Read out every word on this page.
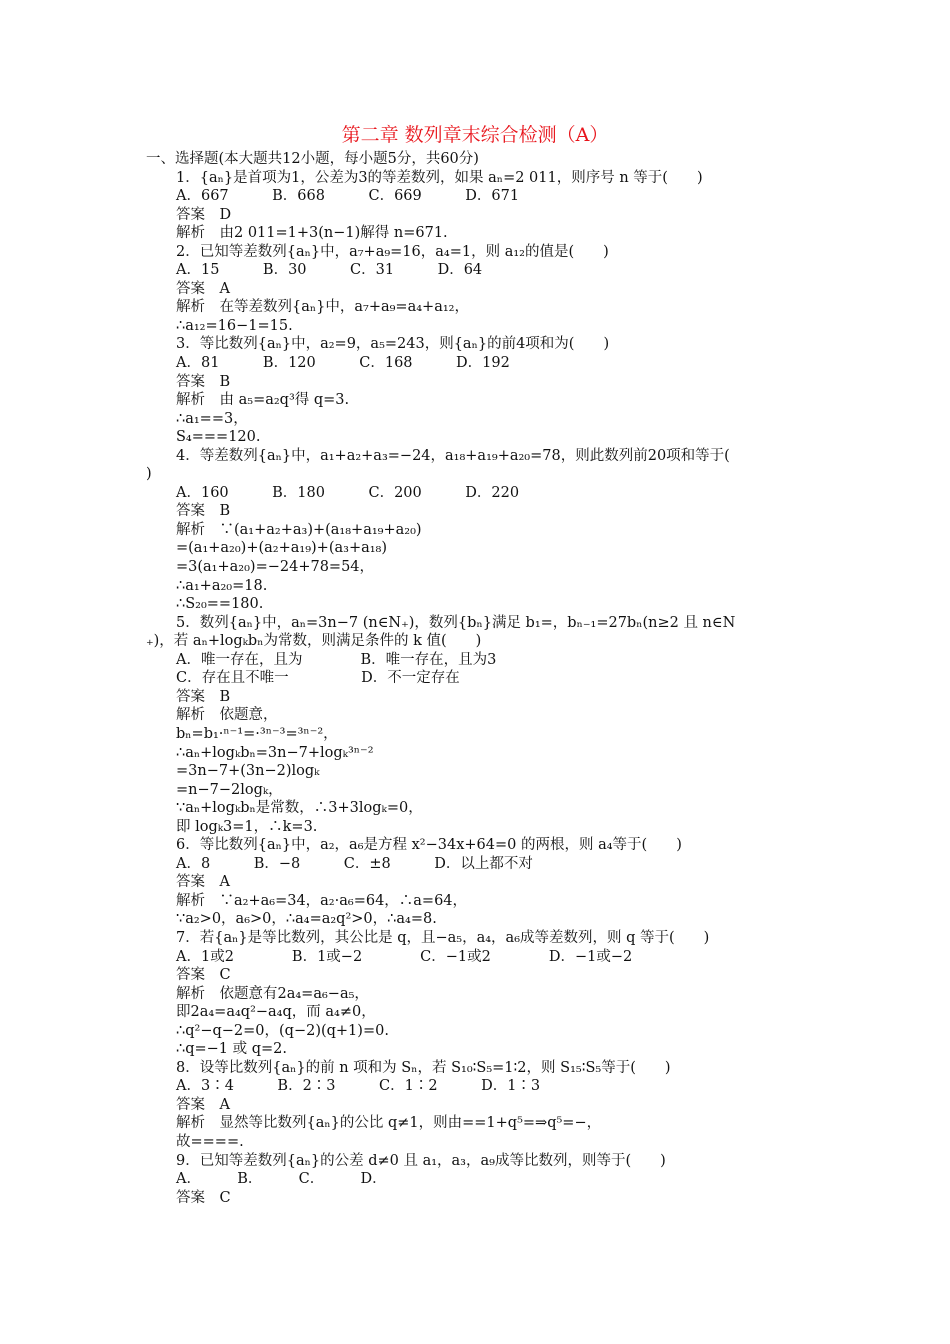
第二章 数列章末综合检测（A）
一、选择题(本大题共12小题，每小题5分，共60分)
1．{aₙ}是首项为1，公差为3的等差数列，如果 aₙ=2 011，则序号 n 等于(　　)
A．667　　　B．668　　　C．669　　　D．671
答案　D
解析　由2 011=1+3(n−1)解得 n=671.
2．已知等差数列{aₙ}中，a₇+a₉=16，a₄=1，则 a₁₂的值是(　　)
A．15　　　B．30　　　C．31　　　D．64
答案　A
解析　在等差数列{aₙ}中，a₇+a₉=a₄+a₁₂，
∴a₁₂=16−1=15.
3．等比数列{aₙ}中，a₂=9，a₅=243，则{aₙ}的前4项和为(　　)
A．81　　　B．120　　　C．168　　　D．192
答案　B
解析　由 a₅=a₂q³得 q=3.
∴a₁==3，
S₄===120.
4．等差数列{aₙ}中，a₁+a₂+a₃=−24，a₁₈+a₁₉+a₂₀=78，则此数列前20项和等于(
)
A．160　　　B．180　　　C．200　　　D．220
答案　B
解析　∵(a₁+a₂+a₃)+(a₁₈+a₁₉+a₂₀)
=(a₁+a₂₀)+(a₂+a₁₉)+(a₃+a₁₈)
=3(a₁+a₂₀)=−24+78=54，
∴a₁+a₂₀=18.
∴S₂₀==180.
5．数列{aₙ}中，aₙ=3n−7 (n∈N₊)，数列{bₙ}满足 b₁=，bₙ₋₁=27bₙ(n≥2 且 n∈N
₊)，若 aₙ+logₖbₙ为常数，则满足条件的 k 值(　　)
A．唯一存在，且为　　　　B．唯一存在，且为3
C．存在且不唯一　　　　　D．不一定存在
答案　B
解析　依题意，
bₙ=b₁·ⁿ⁻¹=·³ⁿ⁻³=³ⁿ⁻²，
∴aₙ+logₖbₙ=3n−7+logₖ³ⁿ⁻²
=3n−7+(3n−2)logₖ
=n−7−2logₖ，
∵aₙ+logₖbₙ是常数，∴3+3logₖ=0，
即 logₖ3=1，∴k=3.
6．等比数列{aₙ}中，a₂，a₆是方程 x²−34x+64=0 的两根，则 a₄等于(　　)
A．8　　　B．−8　　　C．±8　　　D．以上都不对
答案　A
解析　∵a₂+a₆=34，a₂·a₆=64，∴a=64，
∵a₂>0，a₆>0，∴a₄=a₂q²>0，∴a₄=8.
7．若{aₙ}是等比数列，其公比是 q，且−a₅，a₄，a₆成等差数列，则 q 等于(　　)
A．1或2　　　　B．1或−2　　　　C．−1或2　　　　D．−1或−2
答案　C
解析　依题意有2a₄=a₆−a₅，
即2a₄=a₄q²−a₄q，而 a₄≠0，
∴q²−q−2=0，(q−2)(q+1)=0.
∴q=−1 或 q=2.
8．设等比数列{aₙ}的前 n 项和为 Sₙ，若 S₁₀∶S₅=1∶2，则 S₁₅∶S₅等于(　　)
A．3∶4　　　B．2∶3　　　C．1∶2　　　D．1∶3
答案　A
解析　显然等比数列{aₙ}的公比 q≠1，则由==1+q⁵=⇒q⁵=−，
故====.
9．已知等差数列{aₙ}的公差 d≠0 且 a₁，a₃，a₉成等比数列，则等于(　　)
A．　　　B．　　　C．　　　D．
答案　C
